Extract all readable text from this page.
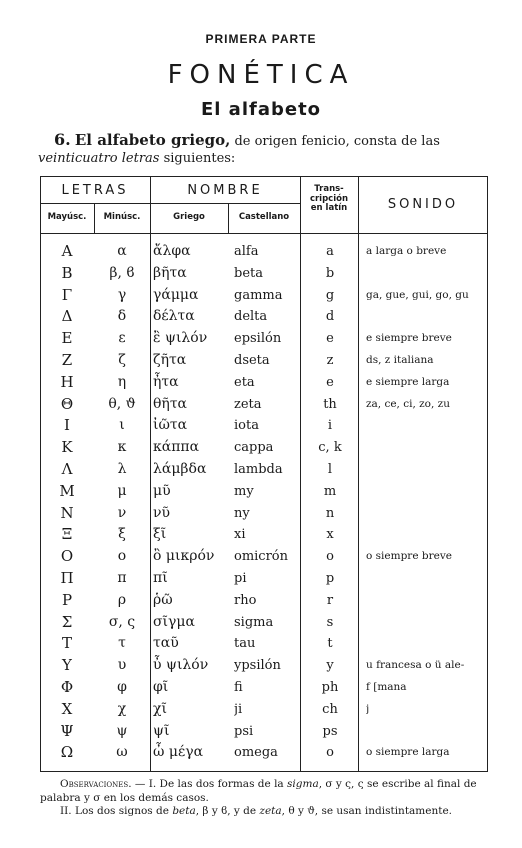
PRIMERA PARTE
FONÉTICA
El alfabeto
6. El alfabeto griego, de origen fenicio, consta de las veinticuatro letras siguientes:
LETRAS
Mayúsc.	Minúsc.
NOMBRE
Griego	Castellano
Trans-
cripción
en latín	SONIDO
Α	α	ἄλφα	alfa	a	a larga o breve
Β	β, ϐ	βῆτα	beta	b
Γ	γ	γάμμα	gamma	g	ga, gue, gui, go, gu
Δ	δ	δέλτα	delta	d
Ε	ε	ἒ ψιλόν	epsilón	e	e siempre breve
Ζ	ζ	ζῆτα	dseta	z	ds, z italiana
Η	η	ἦτα	eta	e	e siempre larga
Θ	θ, ϑ	θῆτα	zeta	th	za, ce, ci, zo, zu
Ι	ι	ἰῶτα	iota	i
Κ	κ	κάππα	cappa	c, k
Λ	λ	λάμβδα	lambda	l
Μ	μ	μῦ	my	m
Ν	ν	νῦ	ny	n
Ξ	ξ	ξῖ	xi	x
Ο	ο	ὂ μικρόν	omicrón	o	o siempre breve
Π	π	πῖ	pi	p
Ρ	ρ	ῥῶ	rho	r
Σ	σ, ς	σῖγμα	sigma	s
Τ	τ	ταῦ	tau	t
Υ	υ	ὖ ψιλόν	ypsilón	y	u francesa o ü ale-
Φ	φ	φῖ	fi	ph	f [mana
Χ	χ	χῖ	ji	ch	j
Ψ	ψ	ψῖ	psi	ps
Ω	ω	ὦ μέγα	omega	o	o siempre larga

Observaciones. — I. De las dos formas de la sigma, σ y ς, ς se escribe al final de palabra y σ en los demás casos.

II. Los dos signos de beta, β y ϐ, y de zeta, θ y ϑ, se usan indistintamente.
